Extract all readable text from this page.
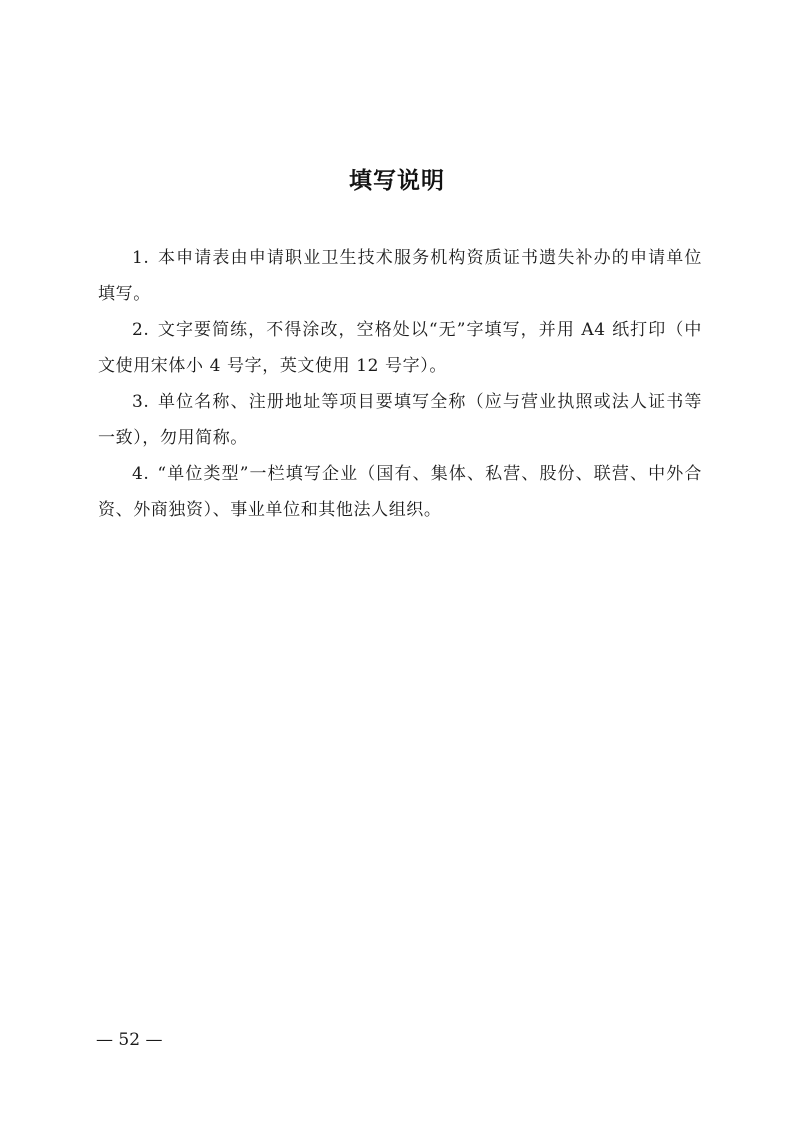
填写说明

1. 本申请表由申请职业卫生技术服务机构资质证书遗失补办的申请单位填写。

2. 文字要简练，不得涂改，空格处以“无”字填写，并用 A4 纸打印（中文使用宋体小 4 号字，英文使用 12 号字）。

3. 单位名称、注册地址等项目要填写全称（应与营业执照或法人证书等一致），勿用简称。

4. “单位类型”一栏填写企业（国有、集体、私营、股份、联营、中外合资、外商独资）、事业单位和其他法人组织。

— 52 —
